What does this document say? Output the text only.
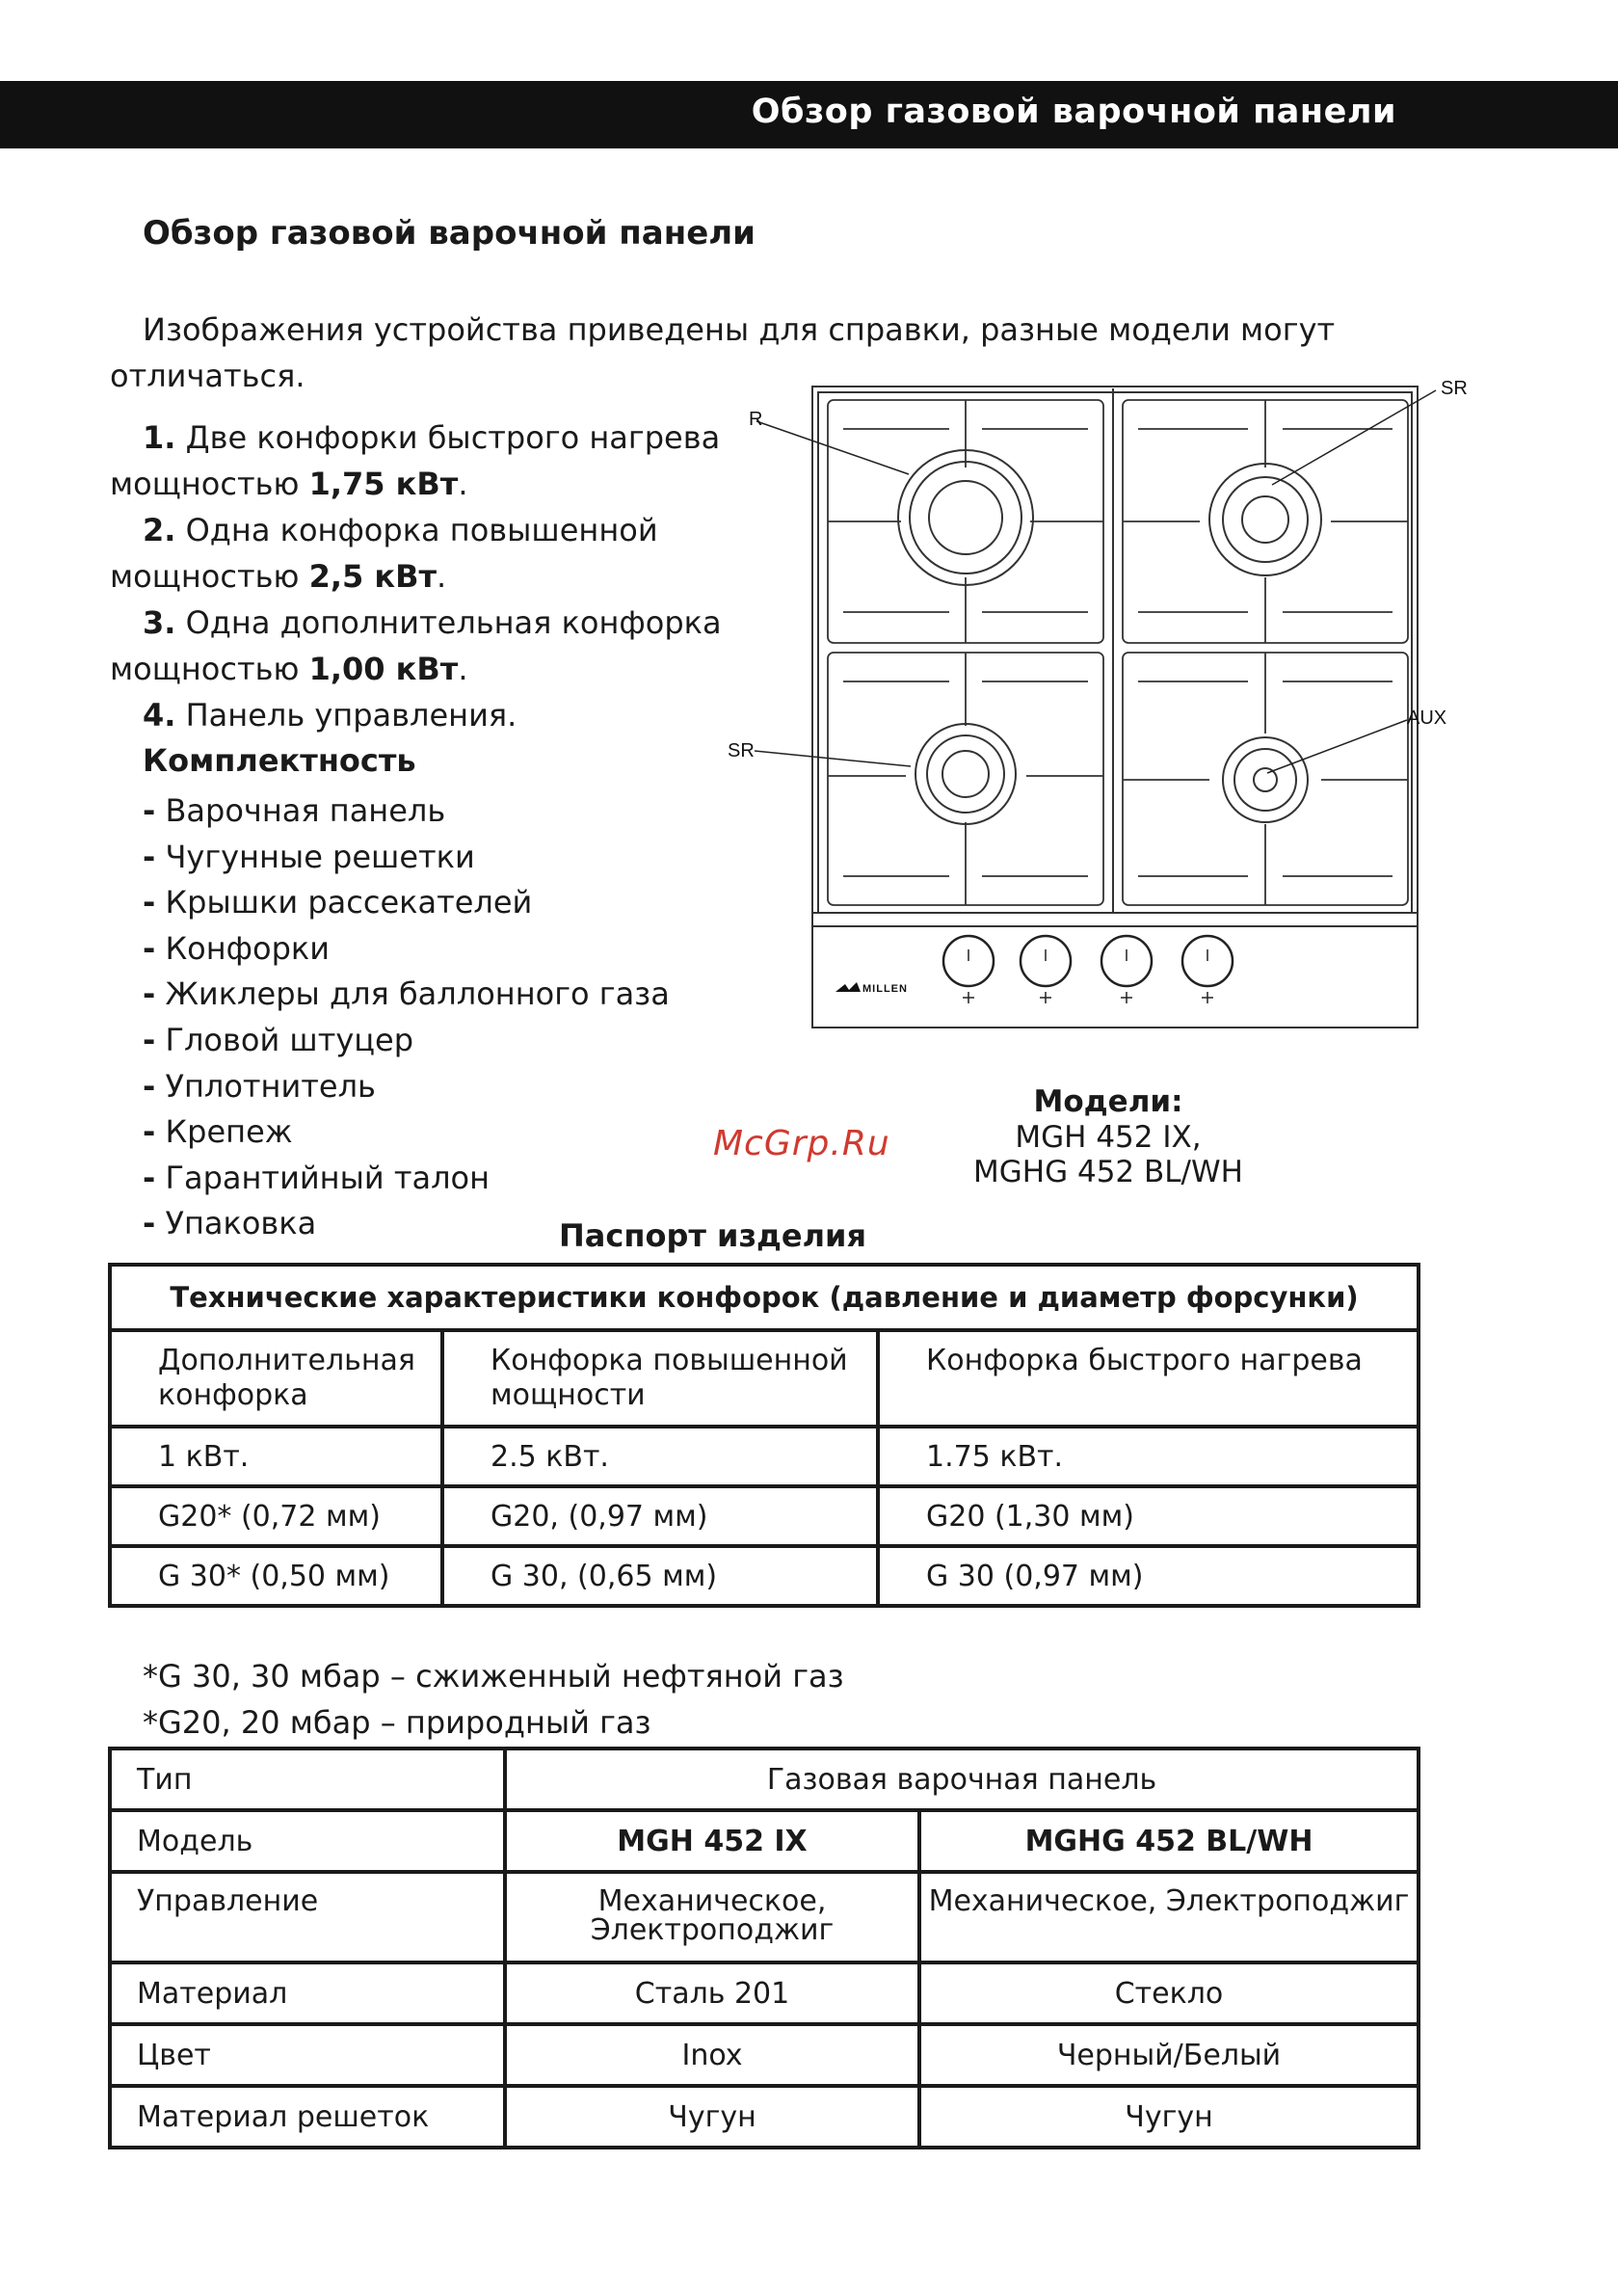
Обзор газовой варочной панели
Обзор газовой варочной панели
Изображения устройства приведены для справки, разные модели могут отличаться.
1. Две конфорки быстрого нагрева мощностью 1,75 кВт.
2. Одна конфорка повышенной мощностью 2,5 кВт.
3. Одна дополнительная конфорка мощностью 1,00 кВт.
4. Панель управления.
Комплектность
- Варочная панель
- Чугунные решетки
- Крышки рассекателей
- Конфорки
- Жиклеры для баллонного газа
- Гловой штуцер
- Уплотнитель
- Крепеж
- Гарантийный талон
- Упаковка
R
SR
SR
AUX
MILLEN
Модели:
MGH 452 IX,
MGHG 452 BL/WH
McGrp.Ru
Паспорт изделия
Технические характеристики конфорок (давление и диаметр форсунки)		
Дополнительная конфорка	Конфорка повышенной мощности	Конфорка быстрого нагрева
1 кВт.	2.5 кВт.	1.75 кВт.
G20* (0,72 мм)	G20, (0,97 мм)	G20 (1,30 мм)
G 30* (0,50 мм)	G 30, (0,65 мм)	G 30 (0,97 мм)
*G 30, 30 мбар – сжиженный нефтяной газ
*G20, 20 мбар – природный газ
Тип	Газовая варочная панель	
Модель	MGH 452 IX	MGHG 452 BL/WH
Управление	Механическое, Электроподжиг	Механическое, Электроподжиг
Материал	Сталь 201	Стекло
Цвет	Inox	Черный/Белый
Материал решеток	Чугун	Чугун
